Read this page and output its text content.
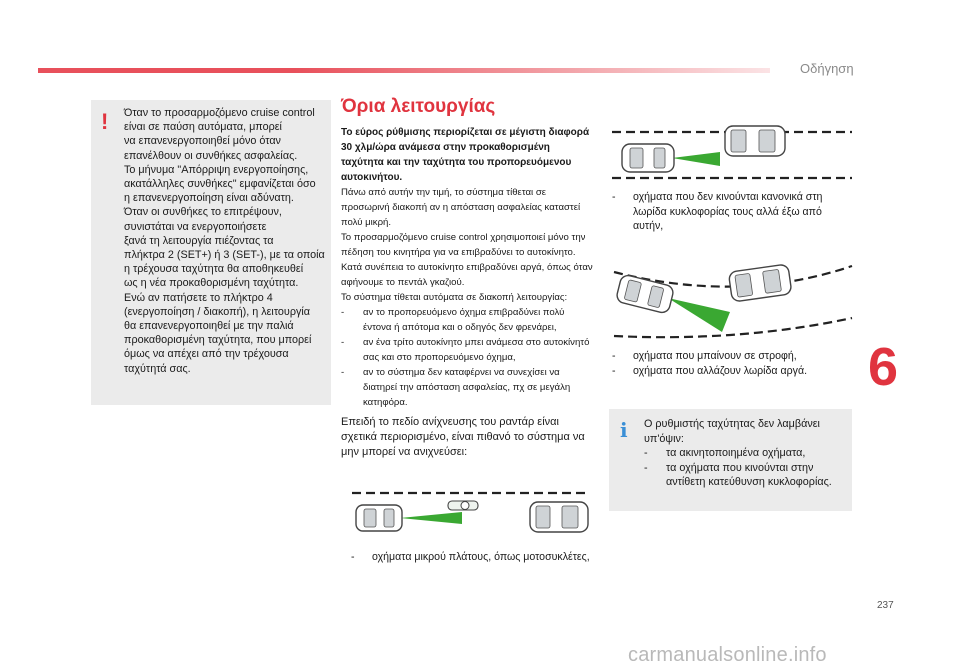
Οδήγηση
6
237
carmanualsonline.info
! Όταν το προσαρμοζόμενο cruise control

είναι σε παύση αυτόματα, μπορεί

να επανενεργοποιηθεί μόνο όταν

επανέλθουν οι συνθήκες ασφαλείας.

Το μήνυμα "Απόρριψη ενεργοποίησης,

ακατάλληλες συνθήκες" εμφανίζεται όσο

η επανενεργοποίηση είναι αδύνατη.

Όταν οι συνθήκες το επιτρέψουν,

συνιστάται να ενεργοποιήσετε

ξανά τη λειτουργία πιέζοντας τα

πλήκτρα 2 (SET+) ή 3 (SET-), με τα οποία

η τρέχουσα ταχύτητα θα αποθηκευθεί

ως η νέα προκαθορισμένη ταχύτητα.

Ενώ αν πατήσετε το πλήκτρο 4

(ενεργοποίηση / διακοπή), η λειτουργία

θα επανενεργοποιηθεί με την παλιά

προκαθορισμένη ταχύτητα, που μπορεί

όμως να απέχει από την τρέχουσα

ταχύτητά σας.

Όρια λειτουργίας

Το εύρος ρύθμισης περιορίζεται σε μέγιστη διαφορά 30 χλμ/ώρα ανάμεσα στην προκαθορισμένη ταχύτητα και την ταχύτητα του προπορευόμενου αυτοκινήτου.

Πάνω από αυτήν την τιμή, το σύστημα τίθεται σε προσωρινή διακοπή αν η απόσταση ασφαλείας καταστεί πολύ μικρή.

Το προσαρμοζόμενο cruise control χρησιμοποιεί μόνο την πέδηση του κινητήρα για να επιβραδύνει το αυτοκίνητο. Κατά συνέπεια το αυτοκίνητο επιβραδύνει αργά, όπως όταν αφήνουμε το πεντάλ γκαζιού.

Το σύστημα τίθεται αυτόματα σε διακοπή λειτουργίας:

- αν το προπορευόμενο όχημα επιβραδύνει πολύ έντονα ή απότομα και ο οδηγός δεν φρενάρει,
- αν ένα τρίτο αυτοκίνητο μπει ανάμεσα στο αυτοκίνητό σας και στο προπορευόμενο όχημα,
- αν το σύστημα δεν καταφέρνει να συνεχίσει να διατηρεί την απόσταση ασφαλείας, πχ σε μεγάλη κατηφόρα.

Επειδή το πεδίο ανίχνευσης του ραντάρ είναι σχετικά περιορισμένο, είναι πιθανό το σύστημα να μην μπορεί να ανιχνεύσει:

-	οχήματα μικρού πλάτους, όπως μοτοσυκλέτες,
-	οχήματα που δεν κινούνται κανονικά στη λωρίδα κυκλοφορίας τους αλλά έξω από αυτήν,
-	οχήματα που μπαίνουν σε στροφή,
-	οχήματα που αλλάζουν λωρίδα αργά.
i Ο ρυθμιστής ταχύτητας δεν λαμβάνει υπ'όψιν:

- τα ακινητοποιημένα οχήματα,
- τα οχήματα που κινούνται στην αντίθετη κατεύθυνση κυκλοφορίας.
